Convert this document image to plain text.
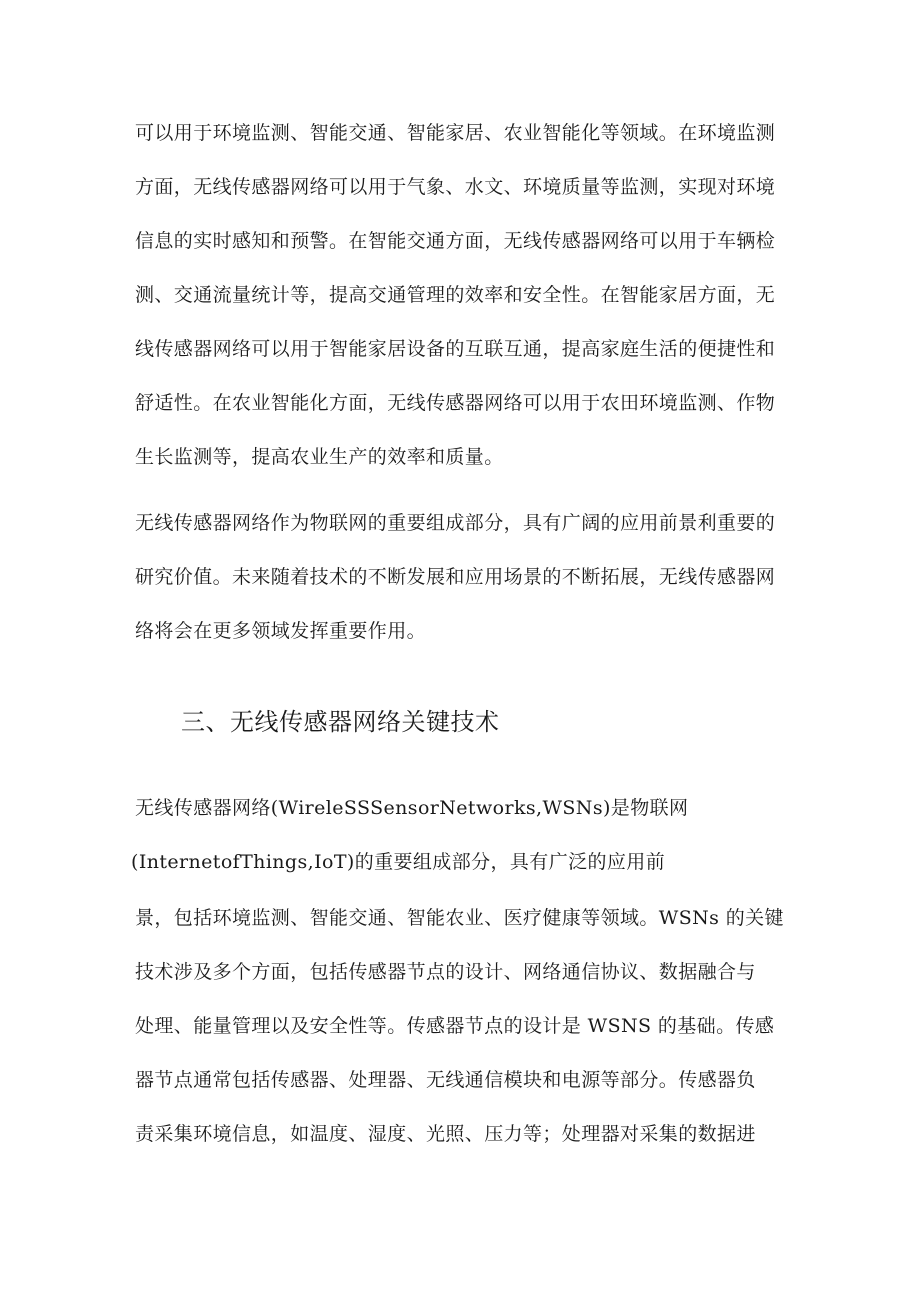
可以用于环境监测、智能交通、智能家居、农业智能化等领域。在环境监测
方面，无线传感器网络可以用于气象、水文、环境质量等监测，实现对环境
信息的实时感知和预警。在智能交通方面，无线传感器网络可以用于车辆检
测、交通流量统计等，提高交通管理的效率和安全性。在智能家居方面，无
线传感器网络可以用于智能家居设备的互联互通，提高家庭生活的便捷性和
舒适性。在农业智能化方面，无线传感器网络可以用于农田环境监测、作物
生长监测等，提高农业生产的效率和质量。
无线传感器网络作为物联网的重要组成部分，具有广阔的应用前景利重要的
研究价值。未来随着技术的不断发展和应用场景的不断拓展，无线传感器网
络将会在更多领域发挥重要作用。
三、无线传感器网络关键技术
无线传感器网络(WireleSSSensorNetworks,WSNs)是物联网
(InternetofThings,IoT)的重要组成部分，具有广泛的应用前
景，包括环境监测、智能交通、智能农业、医疗健康等领域。WSNs 的关键
技术涉及多个方面，包括传感器节点的设计、网络通信协议、数据融合与
处理、能量管理以及安全性等。传感器节点的设计是 WSNS 的基础。传感
器节点通常包括传感器、处理器、无线通信模块和电源等部分。传感器负
责采集环境信息，如温度、湿度、光照、压力等；处理器对采集的数据进
